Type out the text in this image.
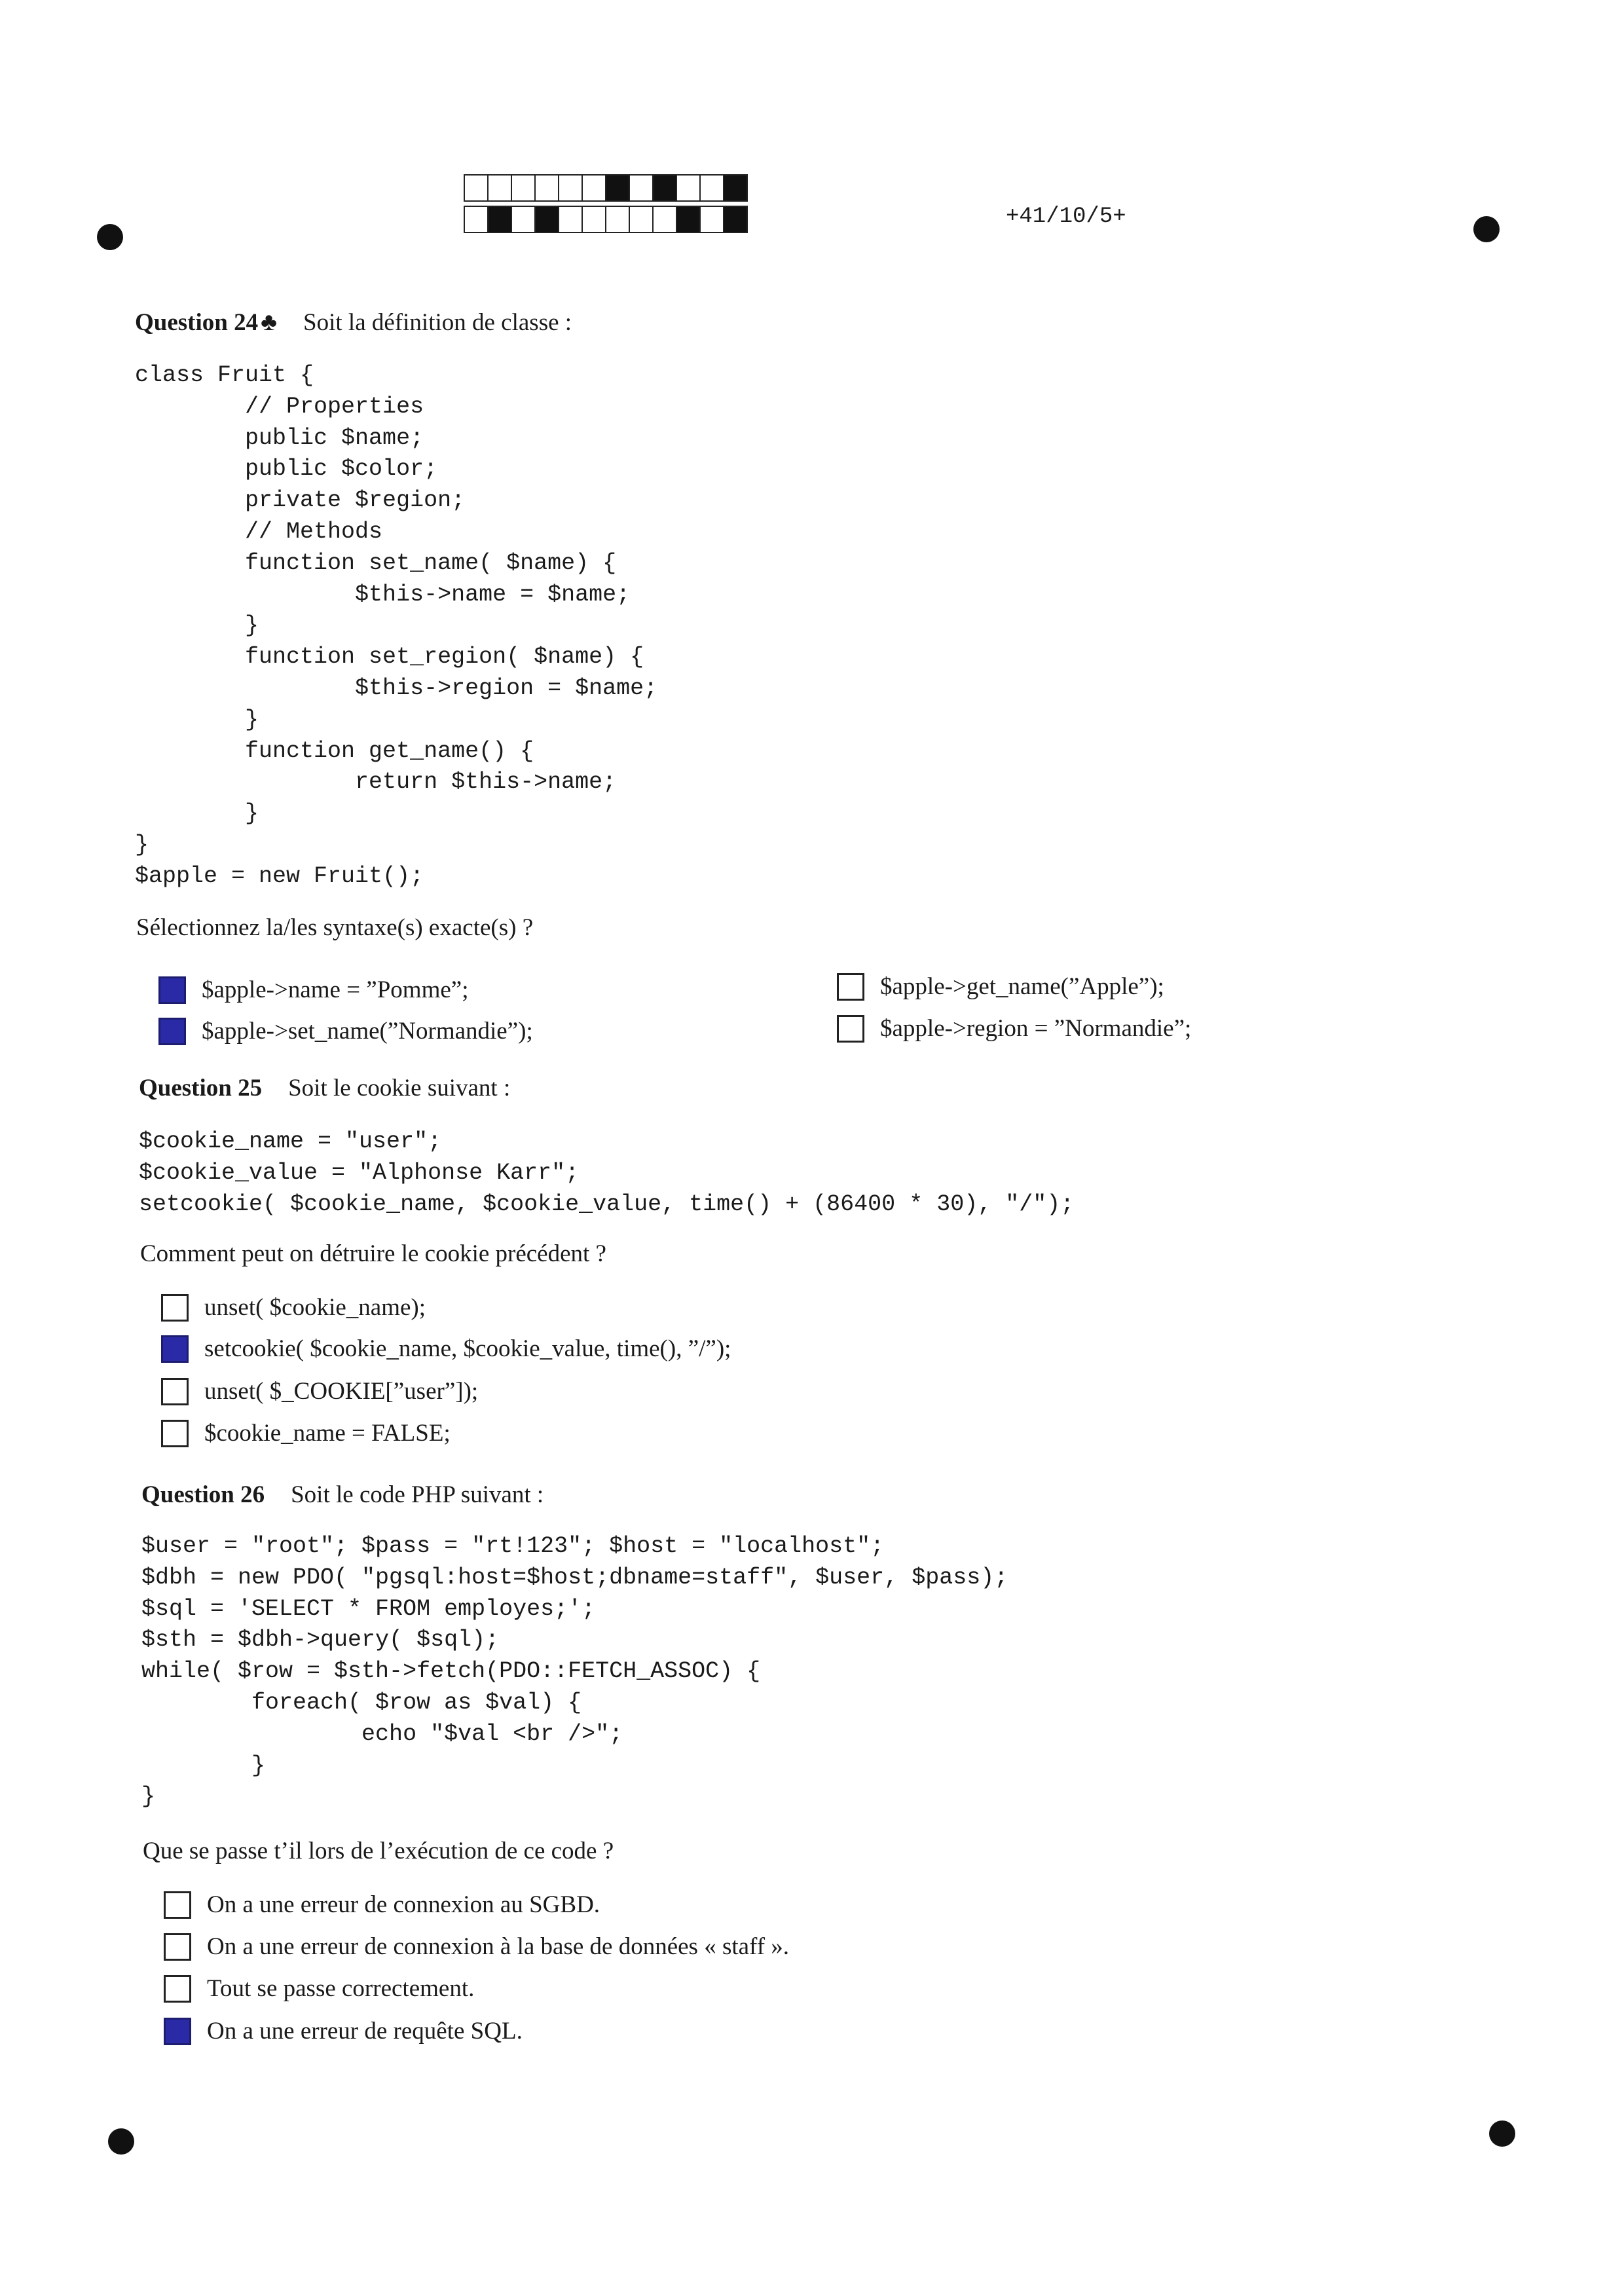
+41/10/5+
Question 24 ♣ Soit la définition de classe :
class Fruit {
// Properties
public $name;
public $color;
private $region;
// Methods
function set_name( $name) {
$this->name = $name;
}
function set_region( $name) {
$this->region = $name;
}
function get_name() {
return $this->name;
}
}
$apple = new Fruit();
Sélectionnez la/les syntaxe(s) exacte(s) ?
$apple->name = ”Pomme”;
$apple->set_name(”Normandie”);
$apple->get_name(”Apple”);
$apple->region = ”Normandie”;
Question 25 Soit le cookie suivant :
$cookie_name = "user";
$cookie_value = "Alphonse Karr";
setcookie( $cookie_name, $cookie_value, time() + (86400 * 30), "/");
Comment peut on détruire le cookie précédent ?
unset( $cookie_name);
setcookie( $cookie_name, $cookie_value, time(), ”/”);
unset( $_COOKIE[”user”]);
$cookie_name = FALSE;
Question 26 Soit le code PHP suivant :
$user = "root"; $pass = "rt!123"; $host = "localhost";
$dbh = new PDO( "pgsql:host=$host;dbname=staff", $user, $pass);
$sql = 'SELECT * FROM employes;';
$sth = $dbh->query( $sql);
while( $row = $sth->fetch(PDO::FETCH_ASSOC) {
foreach( $row as $val) {
echo "$val <br />";
}
}
Que se passe t’il lors de l’exécution de ce code ?
On a une erreur de connexion au SGBD.
On a une erreur de connexion à la base de données « staff ».
Tout se passe correctement.
On a une erreur de requête SQL.
